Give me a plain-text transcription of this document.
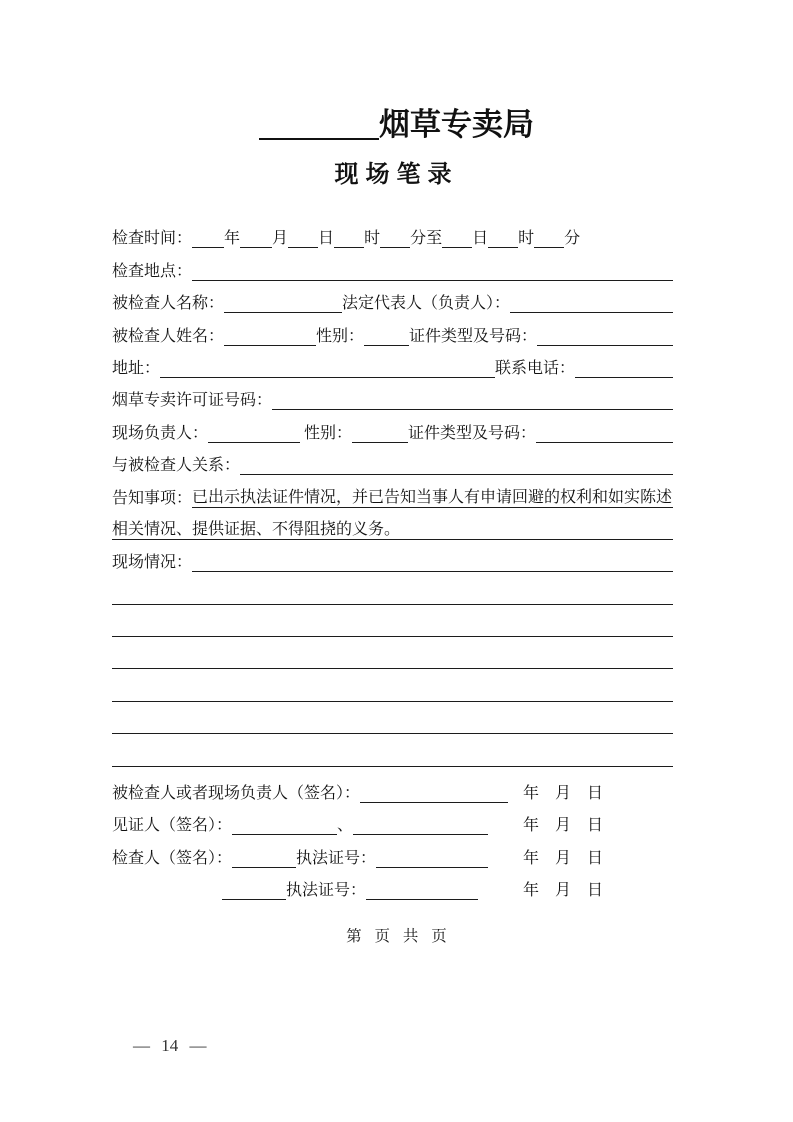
烟草专卖局
现场笔录
检查时间： 年 月 日 时 分至 日 时 分
检查地点：
被检查人名称：	法定代表人（负责人）：
被检查人姓名：	性别：	证件类型及号码：
地址：	联系电话：
烟草专卖许可证号码：
现场负责人：	性别：	证件类型及号码：
与被检查人关系：
告知事项： 已出示执法证件情况，并已告知当事人有申请回避的权利和如实陈述
相关情况、提供证据、不得阻挠的义务。
现场情况：
被检查人或者现场负责人（签名）：	年　月　日
见证人（签名）：	、	年　月　日
检查人（签名）：	执法证号：	年　月　日
执法证号：	年　月　日
第 页 共 页
— 14 —
